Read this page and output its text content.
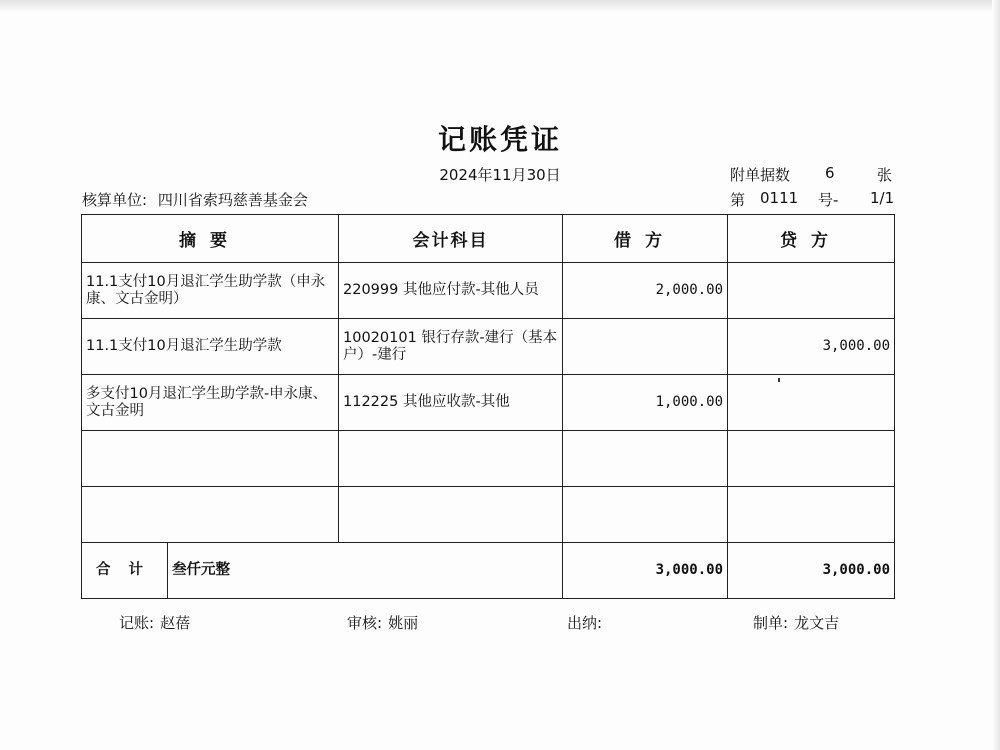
记账凭证
2024年11月30日	附单据数 6	张
核算单位: 四川省索玛慈善基金会	第 0111 号- 1/1
摘要	会计科目	借方	贷方
11.1支付10月退汇学生助学款（申永康、文古金明）	220999 其他应付款-其他人员	2,000.00	
11.1支付10月退汇学生助学款	10020101 银行存款-建行（基本户）-建行		3,000.00
多支付10月退汇学生助学款-申永康、文古金明	112225 其他应收款-其他	1,000.00	

合计 叁仟元整		3,000.00	3,000.00
记账: 赵蓓	审核: 姚丽	出纳:	制单: 龙文吉
